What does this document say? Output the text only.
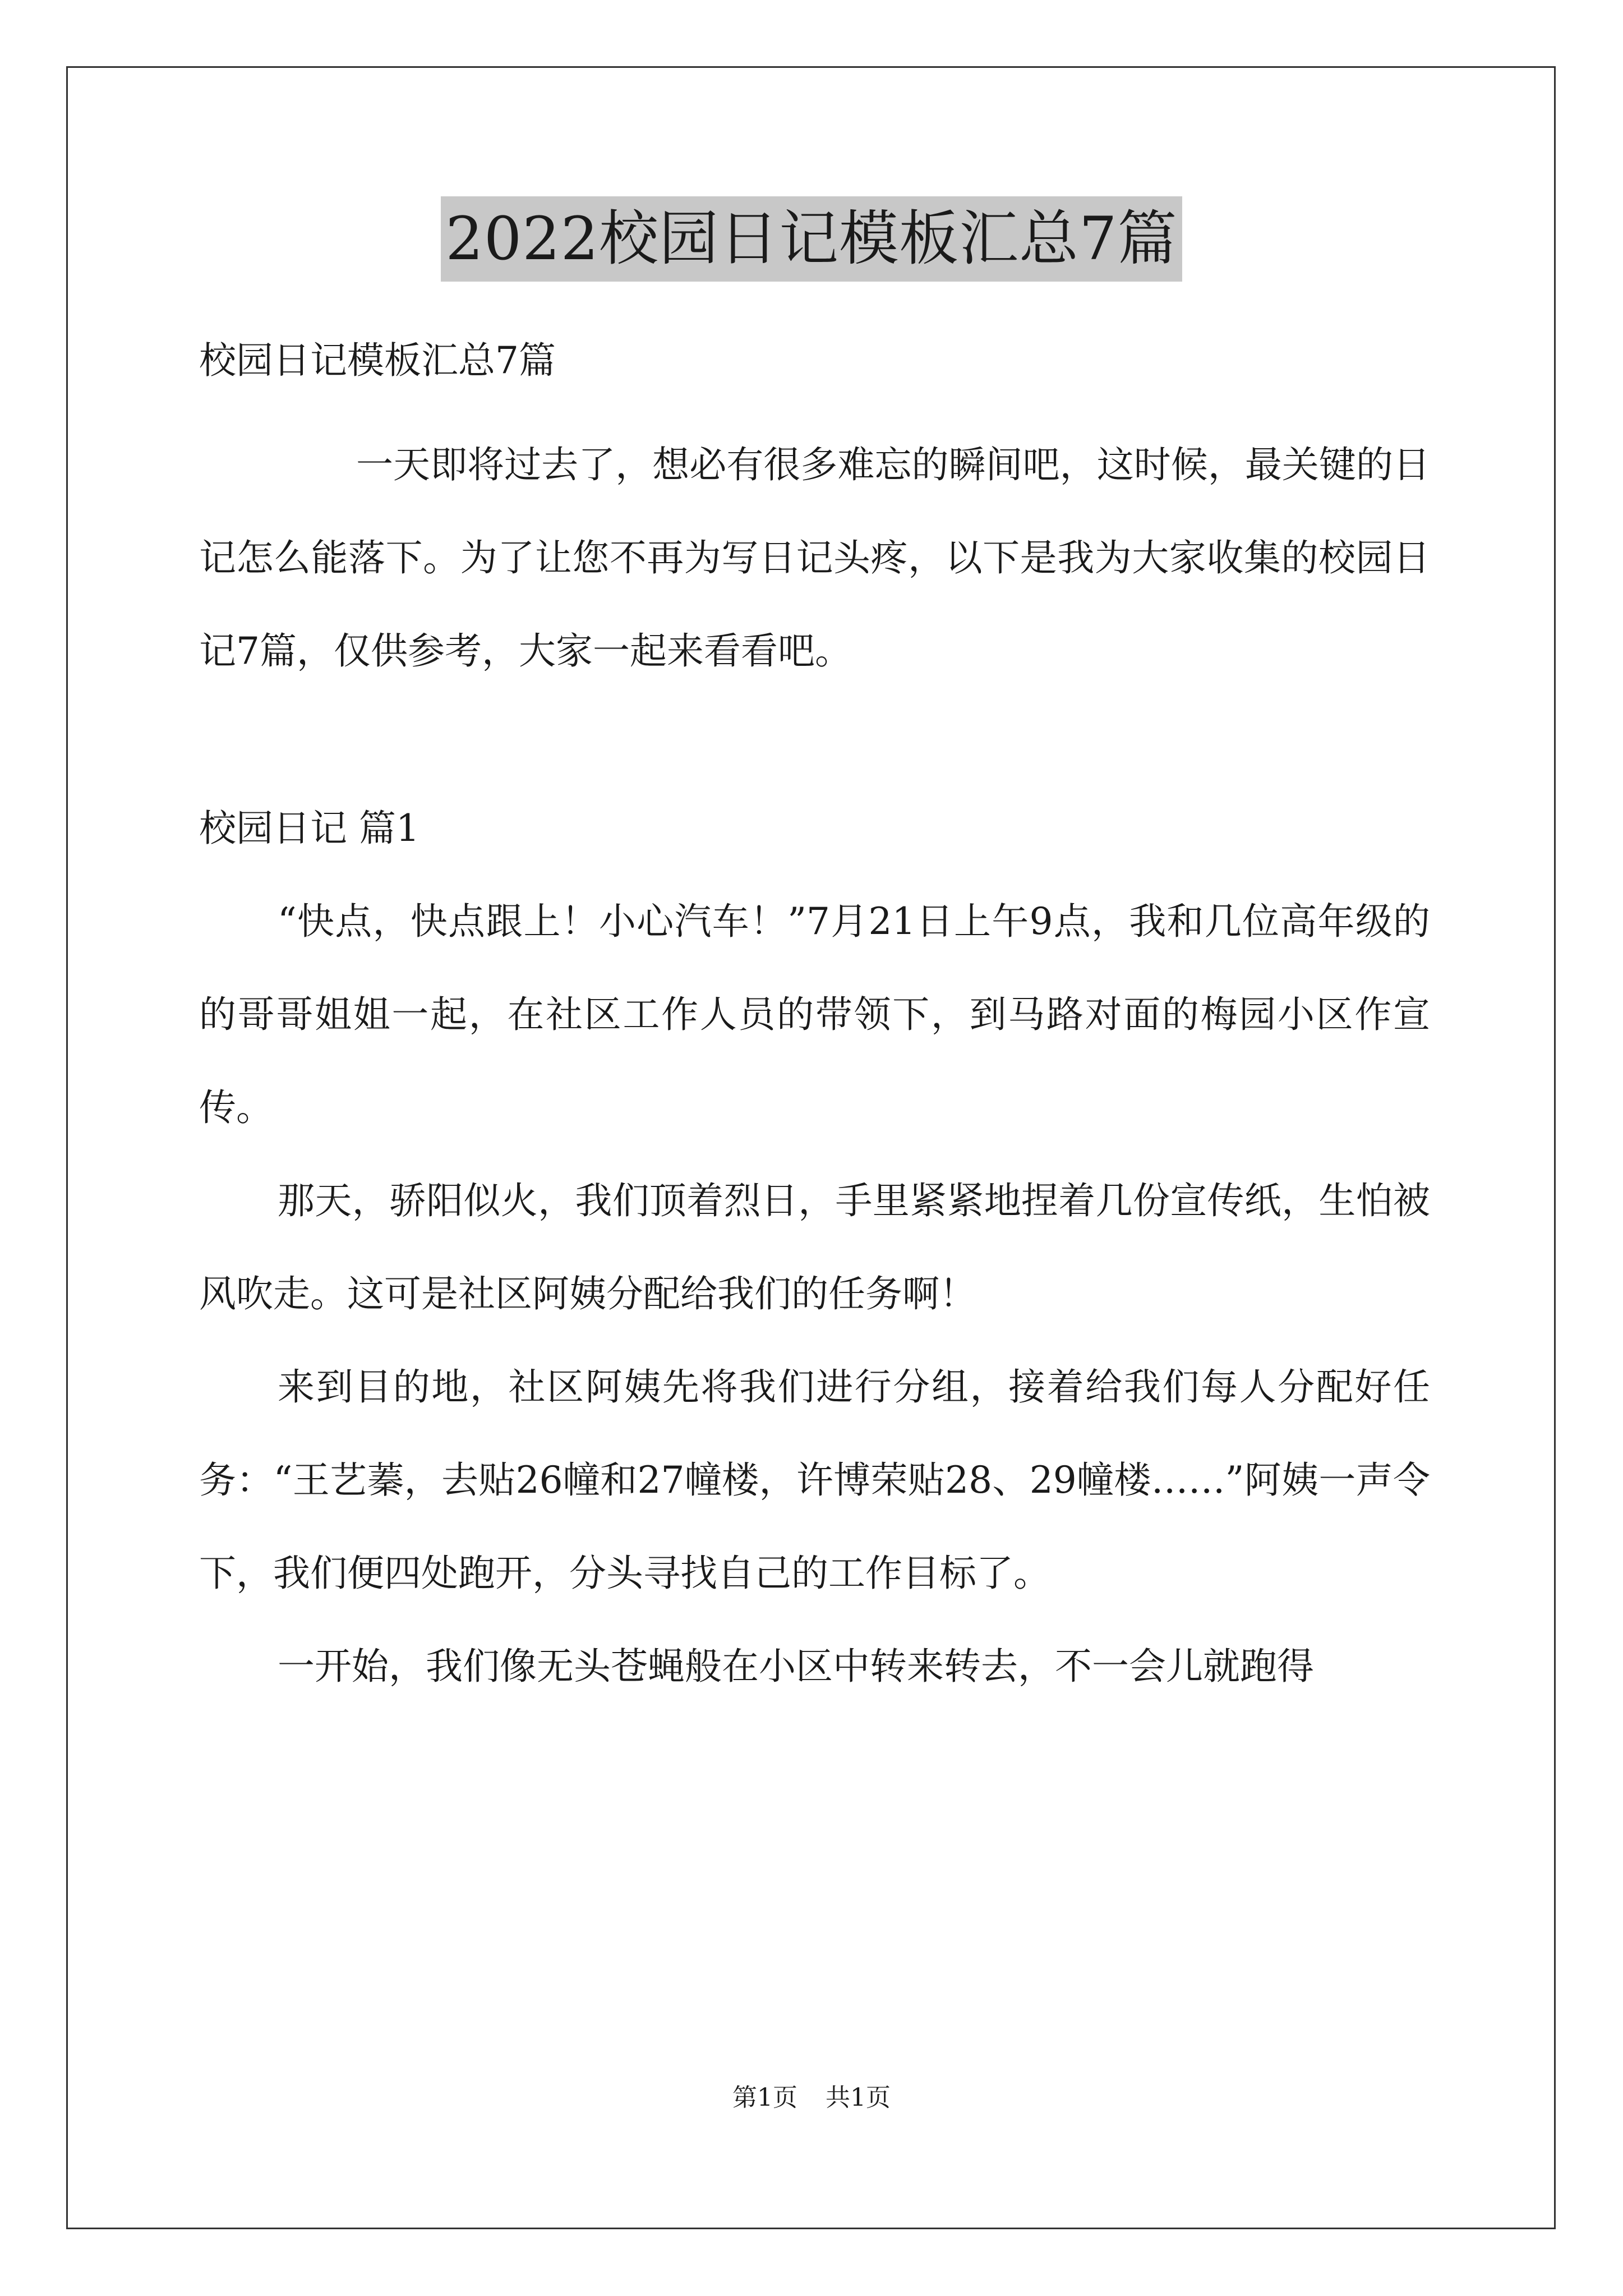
2022校园日记模板汇总7篇

校园日记模板汇总7篇

一天即将过去了，想必有很多难忘的瞬间吧，这时候，最关键的日记怎么能落下。为了让您不再为写日记头疼，以下是我为大家收集的校园日记7篇，仅供参考，大家一起来看看吧。

校园日记 篇1

“快点，快点跟上！小心汽车！”7月21日上午9点，我和几位高年级的的哥哥姐姐一起，在社区工作人员的带领下，到马路对面的梅园小区作宣传。

那天，骄阳似火，我们顶着烈日，手里紧紧地捏着几份宣传纸，生怕被风吹走。这可是社区阿姨分配给我们的任务啊！

来到目的地，社区阿姨先将我们进行分组，接着给我们每人分配好任务：“王艺蓁，去贴26幢和27幢楼，许博荣贴28、29幢楼……”阿姨一声令下，我们便四处跑开，分头寻找自己的工作目标了。

一开始，我们像无头苍蝇般在小区中转来转去，不一会儿就跑得

第1页 共1页
